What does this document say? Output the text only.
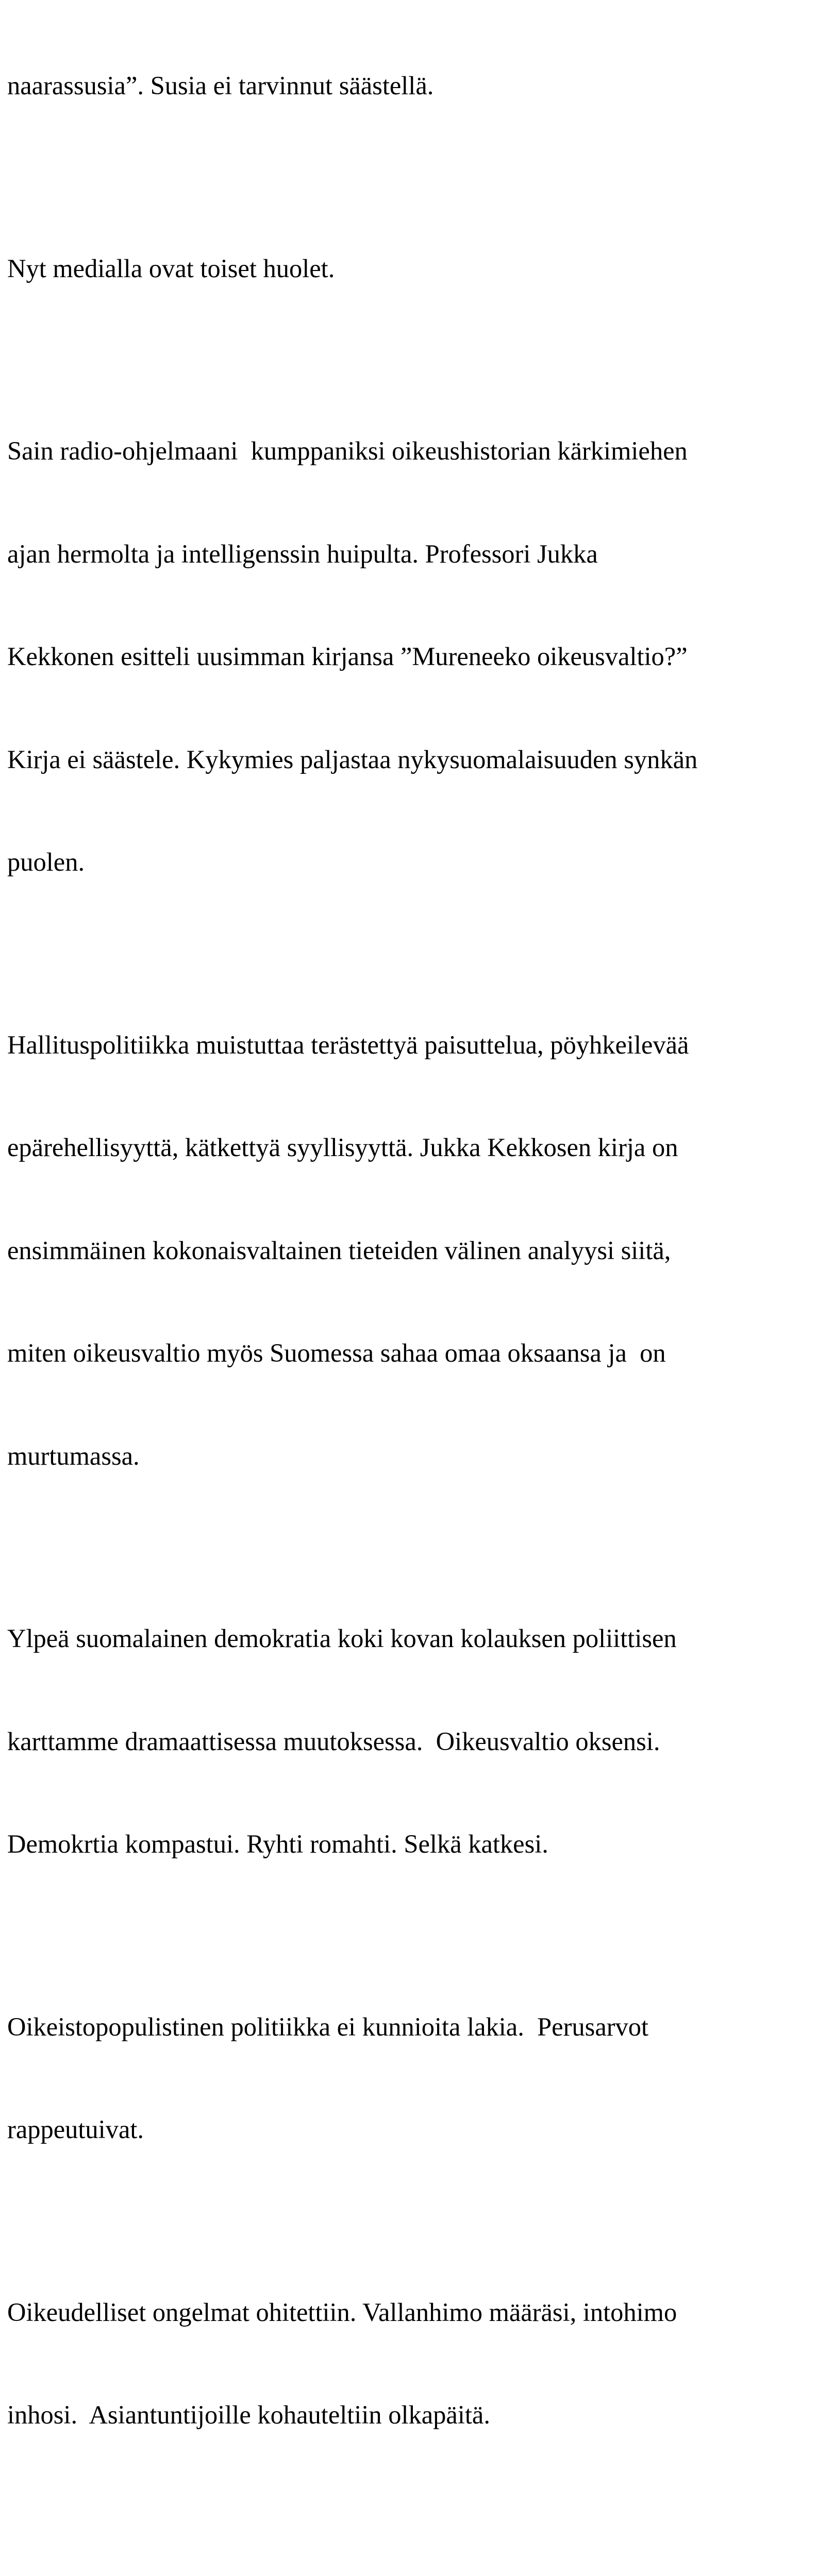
naarassusia”. Susia ei tarvinnut säästellä.

Nyt medialla ovat toiset huolet.

Sain radio-ohjelmaani  kumppaniksi oikeushistorian kärkimiehen

ajan hermolta ja intelligenssin huipulta. Professori Jukka

Kekkonen esitteli uusimman kirjansa ”Mureneeko oikeusvaltio?”

Kirja ei säästele. Kykymies paljastaa nykysuomalaisuuden synkän

puolen.

Hallituspolitiikka muistuttaa terästettyä paisuttelua, pöyhkeilevää

epärehellisyyttä, kätkettyä syyllisyyttä. Jukka Kekkosen kirja on

ensimmäinen kokonaisvaltainen tieteiden välinen analyysi siitä,

miten oikeusvaltio myös Suomessa sahaa omaa oksaansa ja  on

murtumassa.

Ylpeä suomalainen demokratia koki kovan kolauksen poliittisen

karttamme dramaattisessa muutoksessa.  Oikeusvaltio oksensi.

Demokrtia kompastui. Ryhti romahti. Selkä katkesi.

Oikeistopopulistinen politiikka ei kunnioita lakia.  Perusarvot

rappeutuivat.

Oikeudelliset ongelmat ohitettiin. Vallanhimo määräsi, intohimo

inhosi.  Asiantuntijoille kohauteltiin olkapäitä.
